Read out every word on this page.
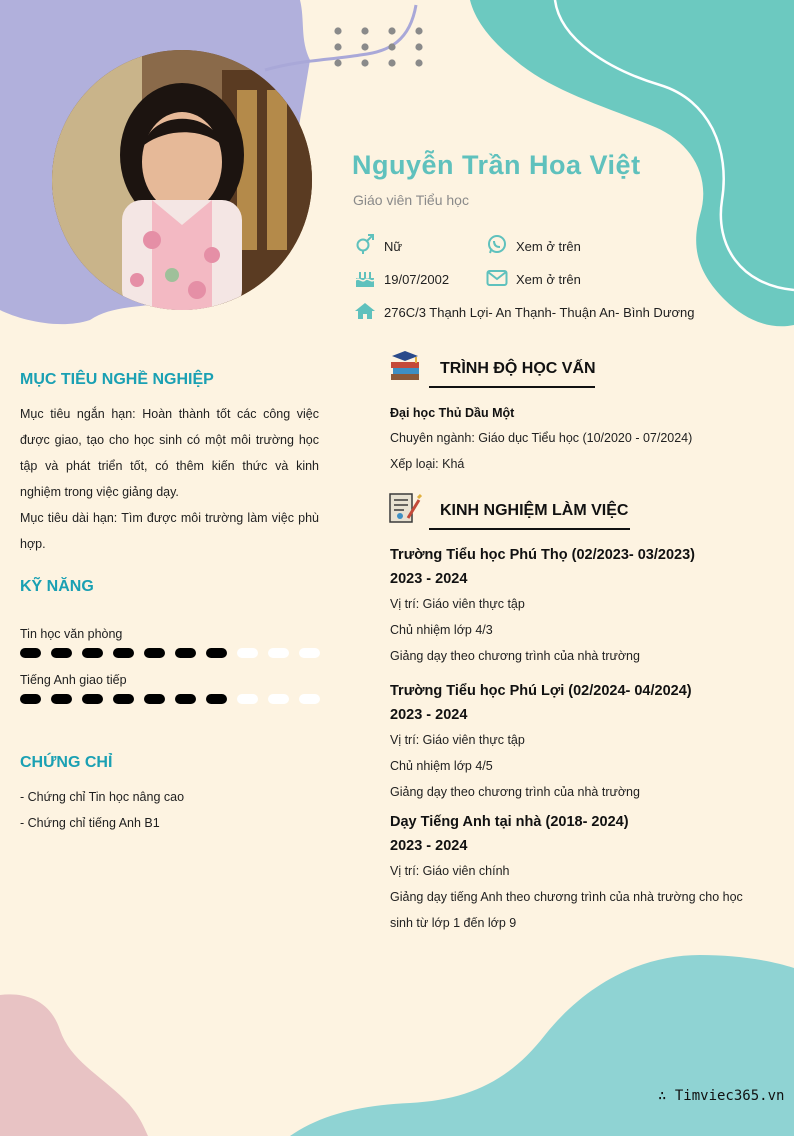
Nguyễn Trần Hoa Việt
Giáo viên Tiểu học
Nữ	Xem ở trên
19/07/2002	Xem ở trên
276C/3 Thạnh Lợi- An Thạnh- Thuận An- Bình Dương
MỤC TIÊU NGHỀ NGHIỆP
Mục tiêu ngắn hạn: Hoàn thành tốt các công việc được giao, tạo cho học sinh có một môi trường học tập và phát triển tốt, có thêm kiến thức và kinh nghiệm trong việc giảng dạy.
Mục tiêu dài hạn: Tìm được môi trường làm việc phù hợp.
KỸ NĂNG
Tin học văn phòng
Tiếng Anh giao tiếp
CHỨNG CHỈ
- Chứng chỉ Tin học nâng cao
- Chứng chỉ tiếng Anh B1
TRÌNH ĐỘ HỌC VẤN
Đại học Thủ Dầu Một
Chuyên ngành: Giáo dục Tiểu học (10/2020 - 07/2024)
Xếp loại: Khá
KINH NGHIỆM LÀM VIỆC
Trường Tiểu học Phú Thọ (02/2023- 03/2023)
2023 - 2024
Vị trí: Giáo viên thực tập
Chủ nhiệm lớp 4/3
Giảng dạy theo chương trình của nhà trường
Trường Tiểu học Phú Lợi (02/2024- 04/2024)
2023 - 2024
Vị trí: Giáo viên thực tập
Chủ nhiệm lớp 4/5
Giảng dạy theo chương trình của nhà trường
Dạy Tiếng Anh tại nhà (2018- 2024)
2023 - 2024
Vị trí: Giáo viên chính
Giảng dạy tiếng Anh theo chương trình của nhà trường cho học sinh từ lớp 1 đến lớp 9
∴ Timviec365.vn
